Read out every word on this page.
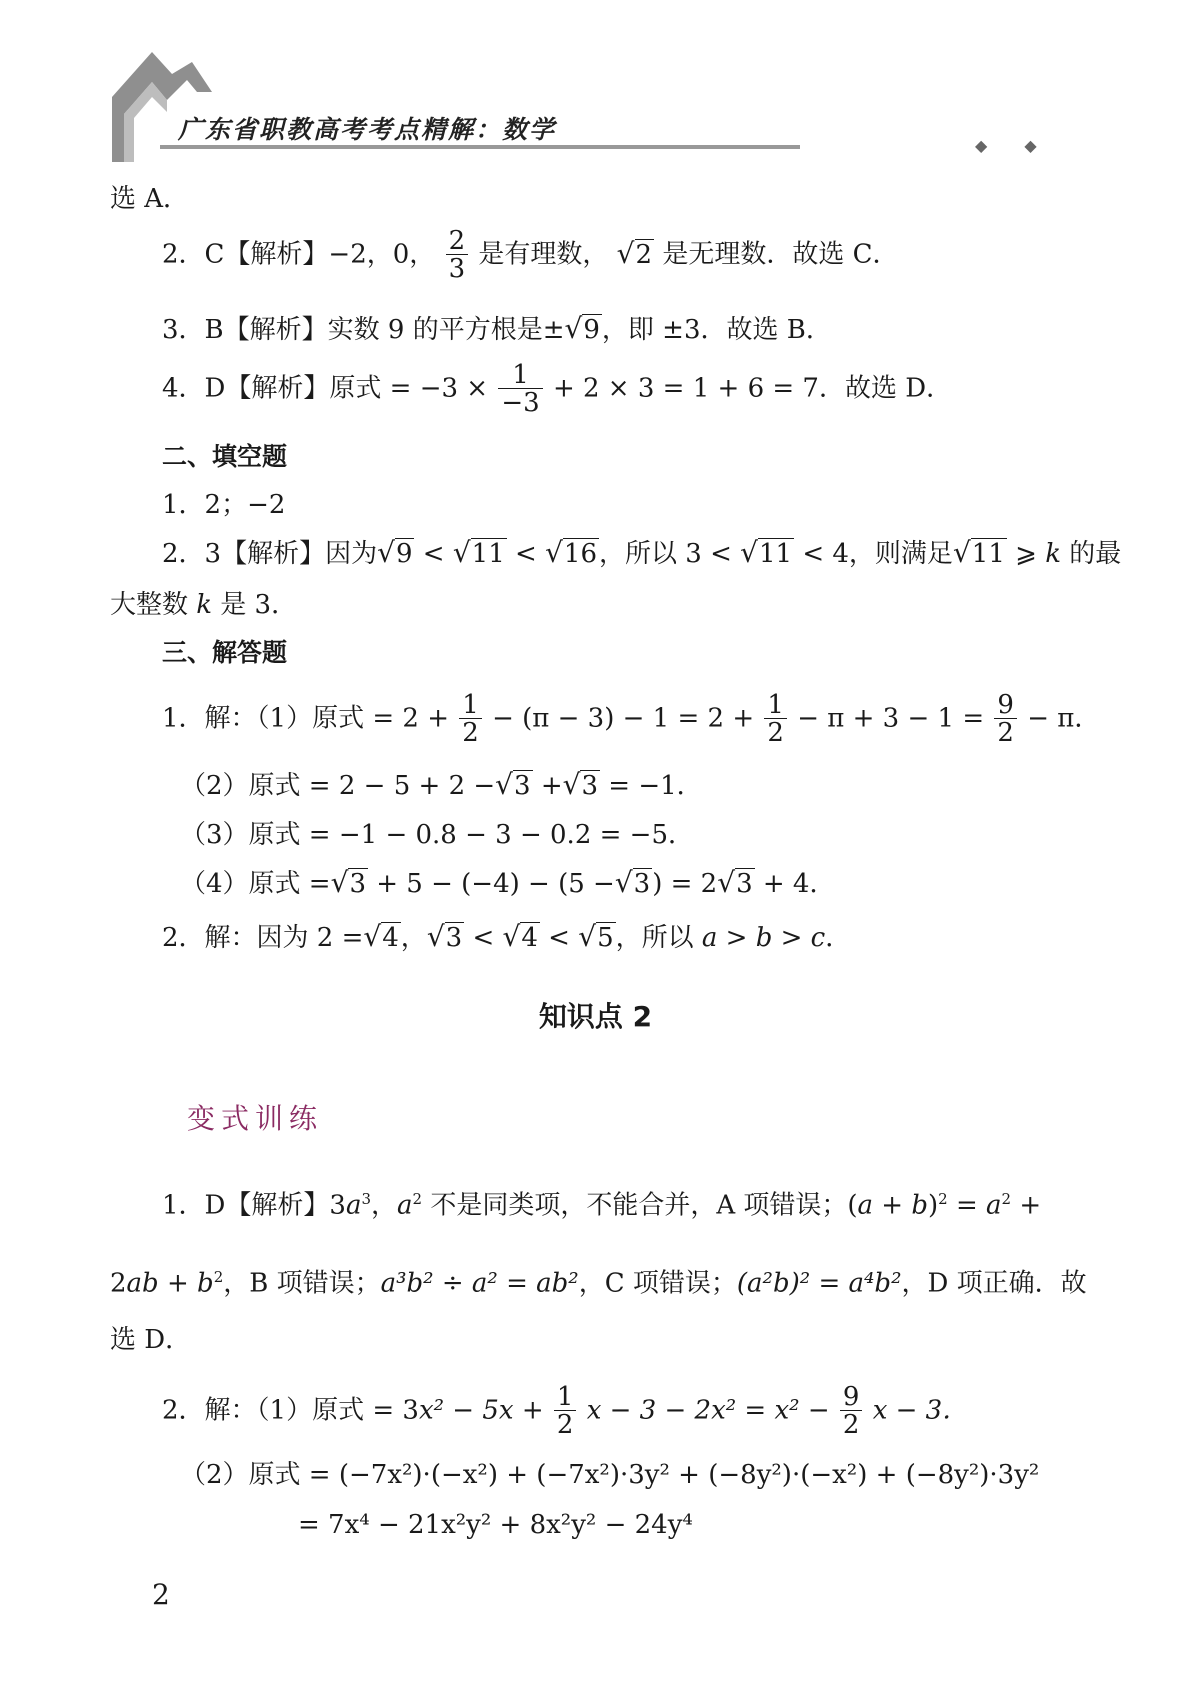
广东省职教高考考点精解：数学
◆ ◆
选 A．
2．C【解析】−2，0， $\frac{2}{3}$ 是有理数， √2 是无理数．故选 C．
3．B【解析】实数 9 的平方根是±√9，即 ±3．故选 B．
4．D【解析】原式 = $-3 \times \frac{1}{-3} + 2 \times 3 = 1 + 6 = 7$．故选 D．
二、填空题
1．2；−2
2．3【解析】因为√9 < √11 < √16，所以 3 < √11 < 4，则满足√11 ⩾ k 的最
大整数 k 是 3．
三、解答题
1．解：（1）原式 = $2 + \frac{1}{2} - (\pi - 3) - 1 = 2 + \frac{1}{2} - \pi + 3 - 1 = \frac{9}{2} - \pi$．
（2）原式 = 2 − 5 + 2 −√3 +√3 = −1．
（3）原式 = −1 − 0.8 − 3 − 0.2 = −5．
（4）原式 =√3 + 5 − (−4) − (5 −√3) = 2√3 + 4．
2．解：因为 2 =√4，√3 < √4 < √5，所以 a > b > c．
知识点 2
变式训练
1．D【解析】$3a^3$，$a^2$ 不是同类项，不能合并，A 项错误；$(a + b)^2 = a^2$ +
$2ab + b^2$，B 项错误；a³b² ÷ a² = ab²，C 项错误；(a²b)² = a⁴b²，D 项正确．故
选 D．
2．解：（1）原式 = $3x^2 - 5x + \frac{1}{2}$ $x - 3 - 2x^2 = x^2 - \frac{9}{2}$ x − 3．
（2）原式 = (−7x²)·(−x²) + (−7x²)·3y² + (−8y²)·(−x²) + (−8y²)·3y²
= 7x⁴ − 21x²y² + 8x²y² − 24y⁴
2
